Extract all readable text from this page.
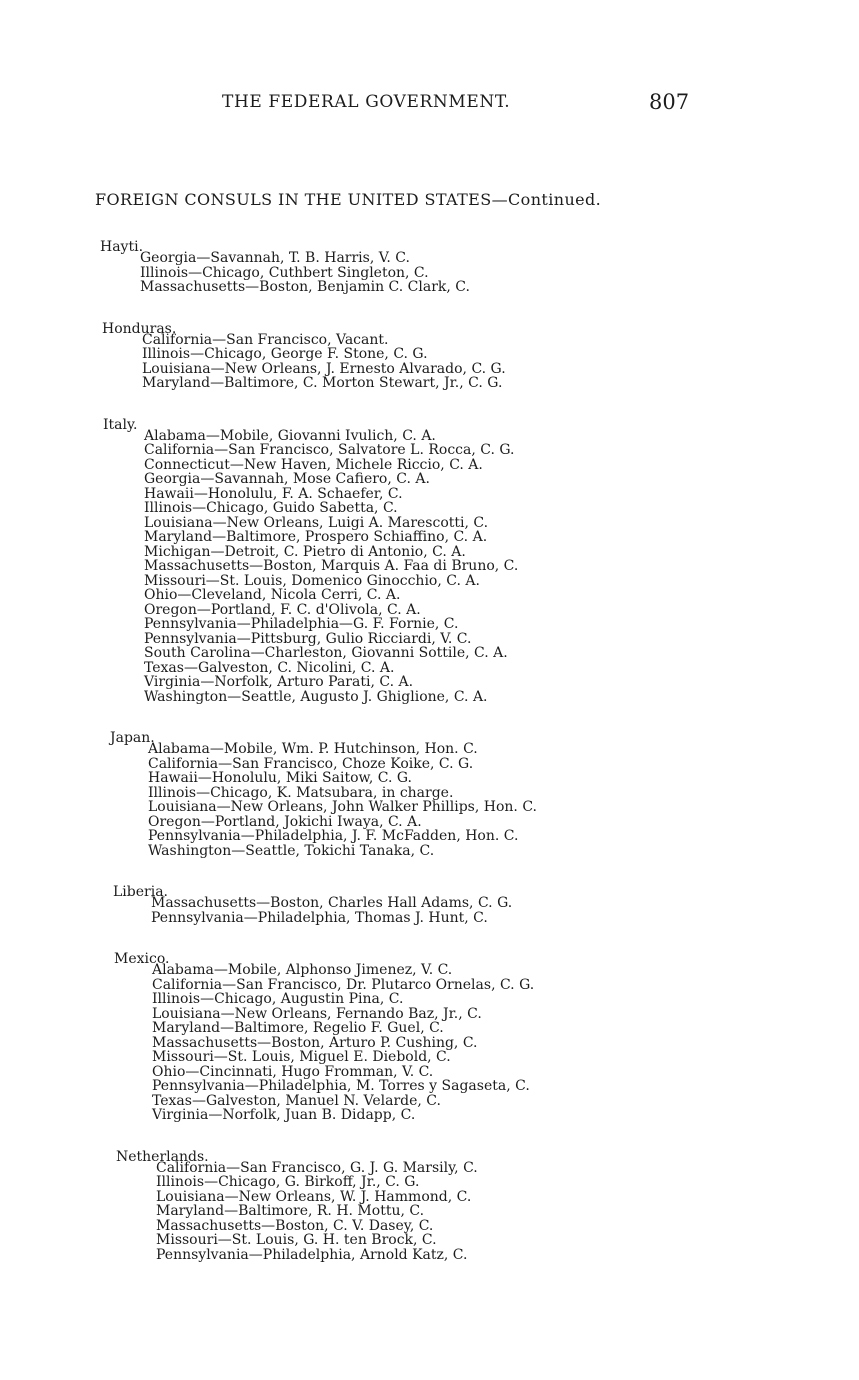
THE FEDERAL GOVERNMENT.	807
FOREIGN CONSULS IN THE UNITED STATES—Continued.
Hayti.
Georgia—Savannah, T. B. Harris, V. C.
Illinois—Chicago, Cuthbert Singleton, C.
Massachusetts—Boston, Benjamin C. Clark, C.
Honduras.
California—San Francisco, Vacant.
Illinois—Chicago, George F. Stone, C. G.
Louisiana—New Orleans, J. Ernesto Alvarado, C. G.
Maryland—Baltimore, C. Morton Stewart, Jr., C. G.
Italy.
Alabama—Mobile, Giovanni Ivulich, C. A.
California—San Francisco, Salvatore L. Rocca, C. G.
Connecticut—New Haven, Michele Riccio, C. A.
Georgia—Savannah, Mose Cafiero, C. A.
Hawaii—Honolulu, F. A. Schaefer, C.
Illinois—Chicago, Guido Sabetta, C.
Louisiana—New Orleans, Luigi A. Marescotti, C.
Maryland—Baltimore, Prospero Schiaffino, C. A.
Michigan—Detroit, C. Pietro di Antonio, C. A.
Massachusetts—Boston, Marquis A. Faa di Bruno, C.
Missouri—St. Louis, Domenico Ginocchio, C. A.
Ohio—Cleveland, Nicola Cerri, C. A.
Oregon—Portland, F. C. d'Olivola, C. A.
Pennsylvania—Philadelphia—G. F. Fornie, C.
Pennsylvania—Pittsburg, Gulio Ricciardi, V. C.
South Carolina—Charleston, Giovanni Sottile, C. A.
Texas—Galveston, C. Nicolini, C. A.
Virginia—Norfolk, Arturo Parati, C. A.
Washington—Seattle, Augusto J. Ghiglione, C. A.
Japan.
Alabama—Mobile, Wm. P. Hutchinson, Hon. C.
California—San Francisco, Choze Koike, C. G.
Hawaii—Honolulu, Miki Saitow, C. G.
Illinois—Chicago, K. Matsubara, in charge.
Louisiana—New Orleans, John Walker Phillips, Hon. C.
Oregon—Portland, Jokichi Iwaya, C. A.
Pennsylvania—Philadelphia, J. F. McFadden, Hon. C.
Washington—Seattle, Tokichi Tanaka, C.
Liberia.
Massachusetts—Boston, Charles Hall Adams, C. G.
Pennsylvania—Philadelphia, Thomas J. Hunt, C.
Mexico.
Alabama—Mobile, Alphonso Jimenez, V. C.
California—San Francisco, Dr. Plutarco Ornelas, C. G.
Illinois—Chicago, Augustin Pina, C.
Louisiana—New Orleans, Fernando Baz, Jr., C.
Maryland—Baltimore, Regelio F. Guel, C.
Massachusetts—Boston, Arturo P. Cushing, C.
Missouri—St. Louis, Miguel E. Diebold, C.
Ohio—Cincinnati, Hugo Fromman, V. C.
Pennsylvania—Philadelphia, M. Torres y Sagaseta, C.
Texas—Galveston, Manuel N. Velarde, C.
Virginia—Norfolk, Juan B. Didapp, C.
Netherlands.
California—San Francisco, G. J. G. Marsily, C.
Illinois—Chicago, G. Birkoff, Jr., C. G.
Louisiana—New Orleans, W. J. Hammond, C.
Maryland—Baltimore, R. H. Mottu, C.
Massachusetts—Boston, C. V. Dasey, C.
Missouri—St. Louis, G. H. ten Brock, C.
Pennsylvania—Philadelphia, Arnold Katz, C.
